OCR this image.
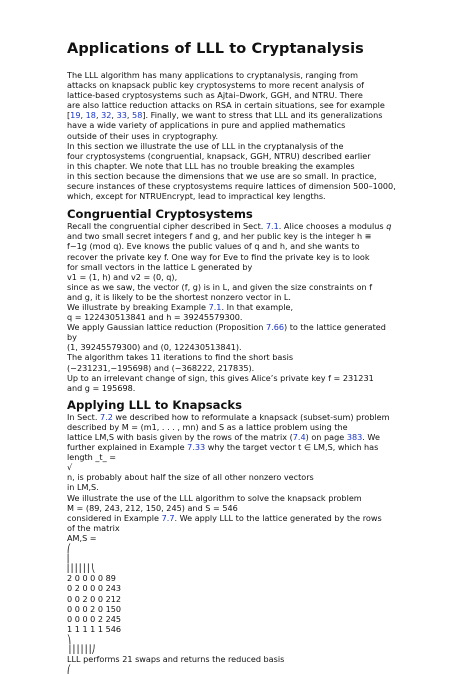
Applications of LLL to Cryptanalysis
The LLL algorithm has many applications to cryptanalysis, ranging from
attacks on knapsack public key cryptosystems to more recent analysis of
lattice-based cryptosystems such as Ajtai–Dwork, GGH, and NTRU. There
are also lattice reduction attacks on RSA in certain situations, see for example
[19, 18, 32, 33, 58]. Finally, we want to stress that LLL and its generalizations
have a wide variety of applications in pure and applied mathematics
outside of their uses in cryptography.
In this section we illustrate the use of LLL in the cryptanalysis of the
four cryptosystems (congruential, knapsack, GGH, NTRU) described earlier
in this chapter. We note that LLL has no trouble breaking the examples
in this section because the dimensions that we use are so small. In practice,
secure instances of these cryptosystems require lattices of dimension 500–1000,
which, except for NTRUEncrypt, lead to impractical key lengths.
Congruential Cryptosystems
Recall the congruential cipher described in Sect. 7.1. Alice chooses a modulus q
and two small secret integers f and g, and her public key is the integer h ≡
f−1g (mod q). Eve knows the public values of q and h, and she wants to
recover the private key f. One way for Eve to find the private key is to look
for small vectors in the lattice L generated by
v1 = (1, h) and v2 = (0, q),
since as we saw, the vector (f, g) is in L, and given the size constraints on f
and g, it is likely to be the shortest nonzero vector in L.
We illustrate by breaking Example 7.1. In that example,
q = 122430513841 and h = 39245579300.
We apply Gaussian lattice reduction (Proposition 7.66) to the lattice generated
by
(1, 39245579300) and (0, 122430513841).
The algorithm takes 11 iterations to find the short basis
(−231231,−195698) and (−368222, 217835).
Up to an irrelevant change of sign, this gives Alice’s private key f = 231231
and g = 195698.
Applying LLL to Knapsacks
In Sect. 7.2 we described how to reformulate a knapsack (subset-sum) problem
described by M = (m1, . . . , mn) and S as a lattice problem using the
lattice LM,S with basis given by the rows of the matrix (7.4) on page 383. We
further explained in Example 7.33 why the target vector t ∈ LM,S, which has
length _t_ =
√
n, is probably about half the size of all other nonzero vectors
in LM,S.
We illustrate the use of the LLL algorithm to solve the knapsack problem
M = (89, 243, 212, 150, 245) and S = 546
considered in Example 7.7. We apply LLL to the lattice generated by the rows
of the matrix
AM,S =
⎛
⎜
⎜⎜⎜⎜⎜⎜⎝
2 0 0 0 0 89
0 2 0 0 0 243
0 0 2 0 0 212
0 0 0 2 0 150
0 0 0 0 2 245
1 1 1 1 1 546
⎞
⎟⎟⎟⎟⎟⎟⎠
LLL performs 21 swaps and returns the reduced basis
⎛
